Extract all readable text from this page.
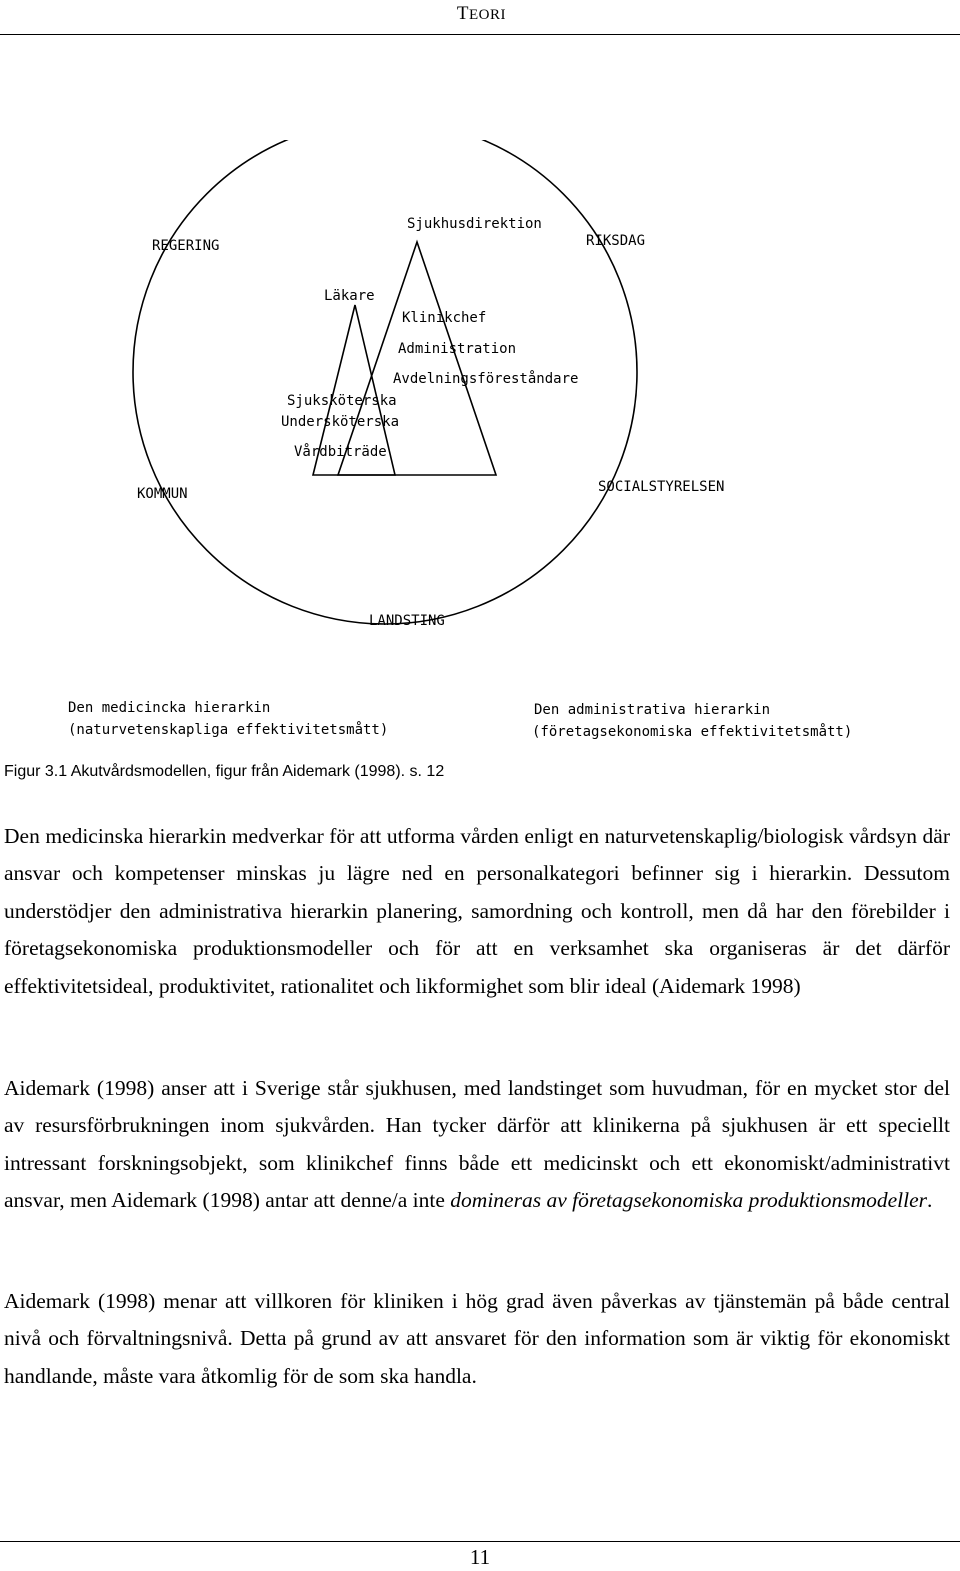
TEORI
REGERING	RIKSDAG
Sjukhusdirektion
Läkare
Klinikchef
Administration
Avdelningsföreståndare
Sjuksköterska
Undersköterska
Vårdbiträde
KOMMUN	SOCIALSTYRELSEN
LANDSTING
Den medicincka hierarkin
(naturvetenskapliga effektivitetsmått)
Den administrativa hierarkin
(företagsekonomiska effektivitetsmått)
Figur 3.1 Akutvårdsmodellen, figur från Aidemark (1998). s. 12

Den medicinska hierarkin medverkar för att utforma vården enligt en naturvetenskaplig/biologisk vårdsyn där ansvar och kompetenser minskas ju lägre ned en personalkategori befinner sig i hierarkin. Dessutom understödjer den administrativa hierarkin planering, samordning och kontroll, men då har den förebilder i företagsekonomiska produktionsmodeller och för att en verksamhet ska organiseras är det därför effektivitetsideal, produktivitet, rationalitet och likformighet som blir ideal (Aidemark 1998)

Aidemark (1998) anser att i Sverige står sjukhusen, med landstinget som huvudman, för en mycket stor del av resursförbrukningen inom sjukvården. Han tycker därför att klinikerna på sjukhusen är ett speciellt intressant forskningsobjekt, som klinikchef finns både ett medicinskt och ett ekonomiskt/administrativt ansvar, men Aidemark (1998) antar att denne/a inte domineras av företagsekonomiska produktionsmodeller.

Aidemark (1998) menar att villkoren för kliniken i hög grad även påverkas av tjänstemän på både central nivå och förvaltningsnivå. Detta på grund av att ansvaret för den information som är viktig för ekonomiskt handlande, måste vara åtkomlig för de som ska handla.

11
